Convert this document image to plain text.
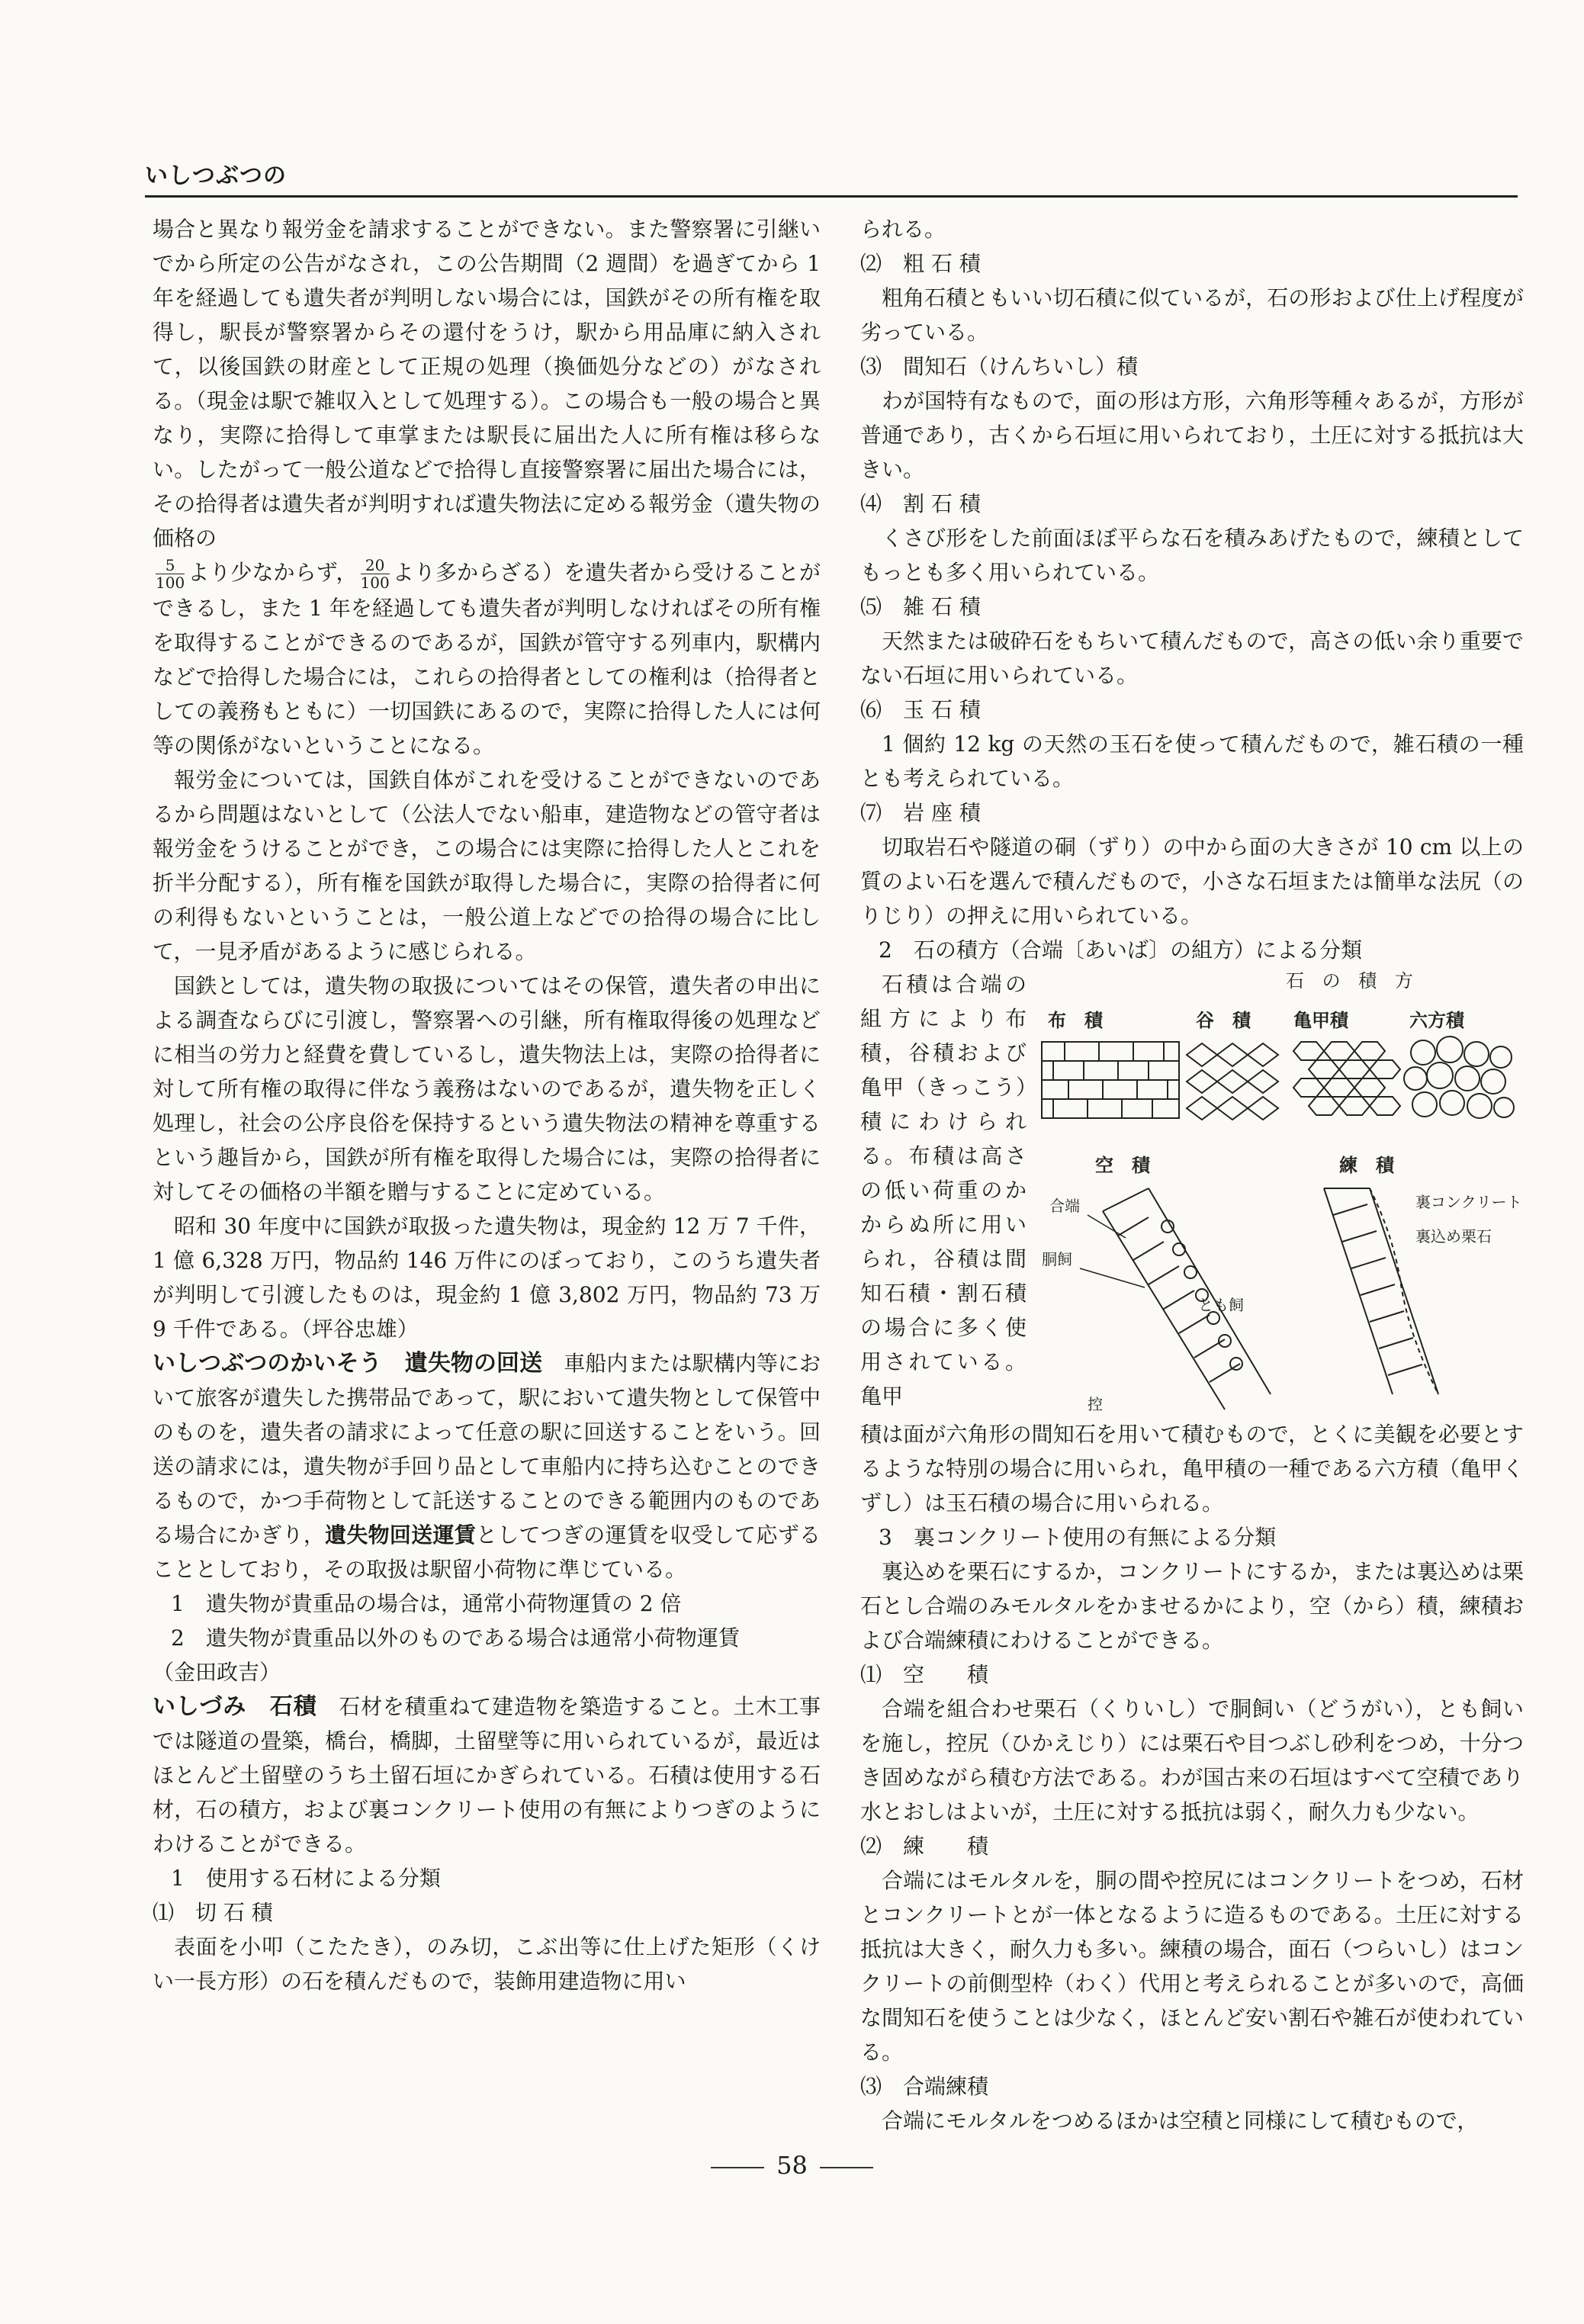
いしつぶつの

場合と異なり報労金を請求することができない。また警察署に引継いでから所定の公告がなされ，この公告期間（2 週間）を過ぎてから 1 年を経過しても遺失者が判明しない場合には，国鉄がその所有権を取得し，駅長が警察署からその還付をうけ，駅から用品庫に納入されて，以後国鉄の財産として正規の処理（換価処分などの）がなされる。（現金は駅で雑収入として処理する）。この場合も一般の場合と異なり，実際に拾得して車掌または駅長に届出た人に所有権は移らない。したがって一般公道などで拾得し直接警察署に届出た場合には，その拾得者は遺失者が判明すれば遺失物法に定める報労金（遺失物の価格の

$\frac{5}{100}$ より少なからず， $\frac{20}{100}$ より多からざる）を遺失者から受けることができるし，また 1 年を経過しても遺失者が判明しなければその所有権を取得することができるのであるが，国鉄が管守する列車内，駅構内などで拾得した場合には，これらの拾得者としての権利は（拾得者としての義務もともに）一切国鉄にあるので，実際に拾得した人には何等の関係がないということになる。

報労金については，国鉄自体がこれを受けることができないのであるから問題はないとして（公法人でない船車，建造物などの管守者は報労金をうけることができ，この場合には実際に拾得した人とこれを折半分配する），所有権を国鉄が取得した場合に，実際の拾得者に何の利得もないということは，一般公道上などでの拾得の場合に比して，一見矛盾があるように感じられる。

国鉄としては，遺失物の取扱についてはその保管，遺失者の申出による調査ならびに引渡し，警察署への引継，所有権取得後の処理などに相当の労力と経費を費しているし，遺失物法上は，実際の拾得者に対して所有権の取得に伴なう義務はないのであるが，遺失物を正しく処理し，社会の公序良俗を保持するという遺失物法の精神を尊重するという趣旨から，国鉄が所有権を取得した場合には，実際の拾得者に対してその価格の半額を贈与することに定めている。

昭和 30 年度中に国鉄が取扱った遺失物は，現金約 12 万 7 千件，1 億 6,328 万円，物品約 146 万件にのぼっており，このうち遺失者が判明して引渡したものは，現金約 1 億 3,802 万円，物品約 73 万 9 千件である。（坪谷忠雄）

いしつぶつのかいそう　遺失物の回送　 車船内または駅構内等において旅客が遺失した携帯品であって，駅において遺失物として保管中のものを，遺失者の請求によって任意の駅に回送することをいう。回送の請求には，遺失物が手回り品として車船内に持ち込むことのできるもので，かつ手荷物として託送することのできる範囲内のものである場合にかぎり，遺失物回送運賃としてつぎの運賃を収受して応ずることとしており，その取扱は駅留小荷物に準じている。

1　遺失物が貴重品の場合は，通常小荷物運賃の 2 倍

2　遺失物が貴重品以外のものである場合は通常小荷物運賃

（金田政吉）

いしづみ　石積　 石材を積重ねて建造物を築造すること。土木工事では隧道の畳築，橋台，橋脚，土留壁等に用いられているが，最近はほとんど土留壁のうち土留石垣にかぎられている。石積は使用する石材，石の積方，および裏コンクリート使用の有無によりつぎのようにわけることができる。

1　使用する石材による分類

⑴　切 石 積

表面を小叩（こたたき），のみ切，こぶ出等に仕上げた矩形（くけい一長方形）の石を積んだもので，装飾用建造物に用い

られる。

⑵　粗 石 積

粗角石積ともいい切石積に似ているが，石の形および仕上げ程度が劣っている。

⑶　間知石（けんちいし）積

わが国特有なもので，面の形は方形，六角形等種々あるが，方形が普通であり，古くから石垣に用いられており，土圧に対する抵抗は大きい。

⑷　割 石 積

くさび形をした前面ほぼ平らな石を積みあげたもので，練積としてもっとも多く用いられている。

⑸　雑 石 積

天然または破砕石をもちいて積んだもので，高さの低い余り重要でない石垣に用いられている。

⑹　玉 石 積

1 個約 12 kg の天然の玉石を使って積んだもので，雑石積の一種とも考えられている。

⑺　岩 座 積

切取岩石や隧道の硐（ずり）の中から面の大きさが 10 cm 以上の質のよい石を選んで積んだもので，小さな石垣または簡単な法尻（のりじり）の押えに用いられている。

2　石の積方（合端〔あいば〕の組方）による分類

石積は合端の組方により布積，谷積および亀甲（きっこう）積にわけられる。布積は高さの低い荷重のかからぬ所に用いられ，谷積は間知石積・割石積の場合に多く使用されている。亀甲

石 の 積 方
布　積	谷　積 亀甲積	六方積
空　積	練　積
合端
胴飼
とも飼
控
裏コンクリート
裏込め栗石

積は面が六角形の間知石を用いて積むもので，とくに美観を必要とするような特別の場合に用いられ，亀甲積の一種である六方積（亀甲くずし）は玉石積の場合に用いられる。

3　裏コンクリート使用の有無による分類

裏込めを栗石にするか，コンクリートにするか，または裏込めは栗石とし合端のみモルタルをかませるかにより，空（から）積，練積および合端練積にわけることができる。

⑴　空　　積

合端を組合わせ栗石（くりいし）で胴飼い（どうがい），とも飼いを施し，控尻（ひかえじり）には栗石や目つぶし砂利をつめ，十分つき固めながら積む方法である。わが国古来の石垣はすべて空積であり水とおしはよいが，土圧に対する抵抗は弱く，耐久力も少ない。

⑵　練　　積

合端にはモルタルを，胴の間や控尻にはコンクリートをつめ，石材とコンクリートとが一体となるように造るものである。土圧に対する抵抗は大きく，耐久力も多い。練積の場合，面石（つらいし）はコンクリートの前側型枠（わく）代用と考えられることが多いので，高価な間知石を使うことは少なく，ほとんど安い割石や雑石が使われている。

⑶　合端練積

合端にモルタルをつめるほかは空積と同様にして積むもので，

58
